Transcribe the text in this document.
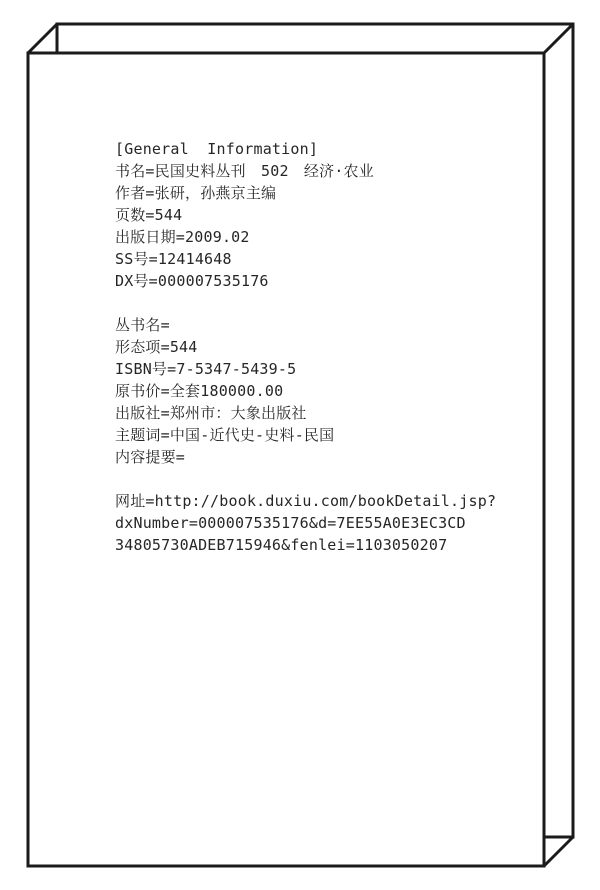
[General  Information]
书名=民国史料丛刊　502　经济·农业
作者=张研，孙燕京主编
页数=544
出版日期=2009.02
SS号=12414648
DX号=000007535176
丛书名=
形态项=544
ISBN号=7-5347-5439-5
原书价=全套180000.00
出版社=郑州市：大象出版社
主题词=中国-近代史-史料-民国
内容提要=
网址=http://book.duxiu.com/bookDetail.jsp?
dxNumber=000007535176&d=7EE55A0E3EC3CD
34805730ADEB715946&fenlei=1103050207
